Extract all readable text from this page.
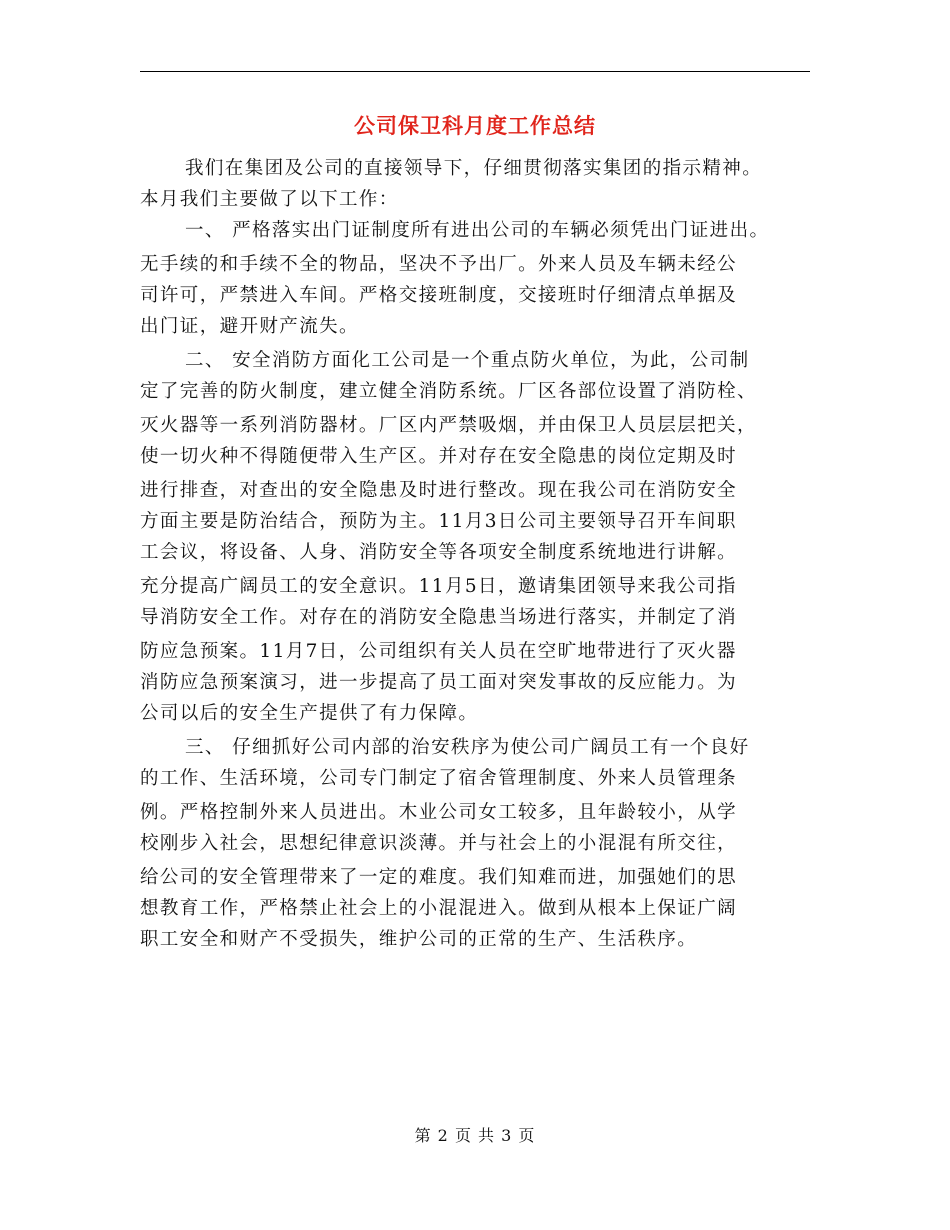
公司保卫科月度工作总结
我们在集团及公司的直接领导下，仔细贯彻落实集团的指示精神。
本月我们主要做了以下工作：
一、 严格落实出门证制度所有进出公司的车辆必须凭出门证进出。
无手续的和手续不全的物品，坚决不予出厂。外来人员及车辆未经公
司许可，严禁进入车间。严格交接班制度，交接班时仔细清点单据及
出门证，避开财产流失。
二、 安全消防方面化工公司是一个重点防火单位，为此，公司制
定了完善的防火制度，建立健全消防系统。厂区各部位设置了消防栓、
灭火器等一系列消防器材。厂区内严禁吸烟，并由保卫人员层层把关，
使一切火种不得随便带入生产区。并对存在安全隐患的岗位定期及时
进行排查，对查出的安全隐患及时进行整改。现在我公司在消防安全
方面主要是防治结合，预防为主。11月3日公司主要领导召开车间职
工会议，将设备、人身、消防安全等各项安全制度系统地进行讲解。
充分提高广阔员工的安全意识。11月5日，邀请集团领导来我公司指
导消防安全工作。对存在的消防安全隐患当场进行落实，并制定了消
防应急预案。11月7日，公司组织有关人员在空旷地带进行了灭火器
消防应急预案演习，进一步提高了员工面对突发事故的反应能力。为
公司以后的安全生产提供了有力保障。
三、 仔细抓好公司内部的治安秩序为使公司广阔员工有一个良好
的工作、生活环境，公司专门制定了宿舍管理制度、外来人员管理条
例。严格控制外来人员进出。木业公司女工较多，且年龄较小，从学
校刚步入社会，思想纪律意识淡薄。并与社会上的小混混有所交往，
给公司的安全管理带来了一定的难度。我们知难而进，加强她们的思
想教育工作，严格禁止社会上的小混混进入。做到从根本上保证广阔
职工安全和财产不受损失，维护公司的正常的生产、生活秩序。
第 2 页 共 3 页
